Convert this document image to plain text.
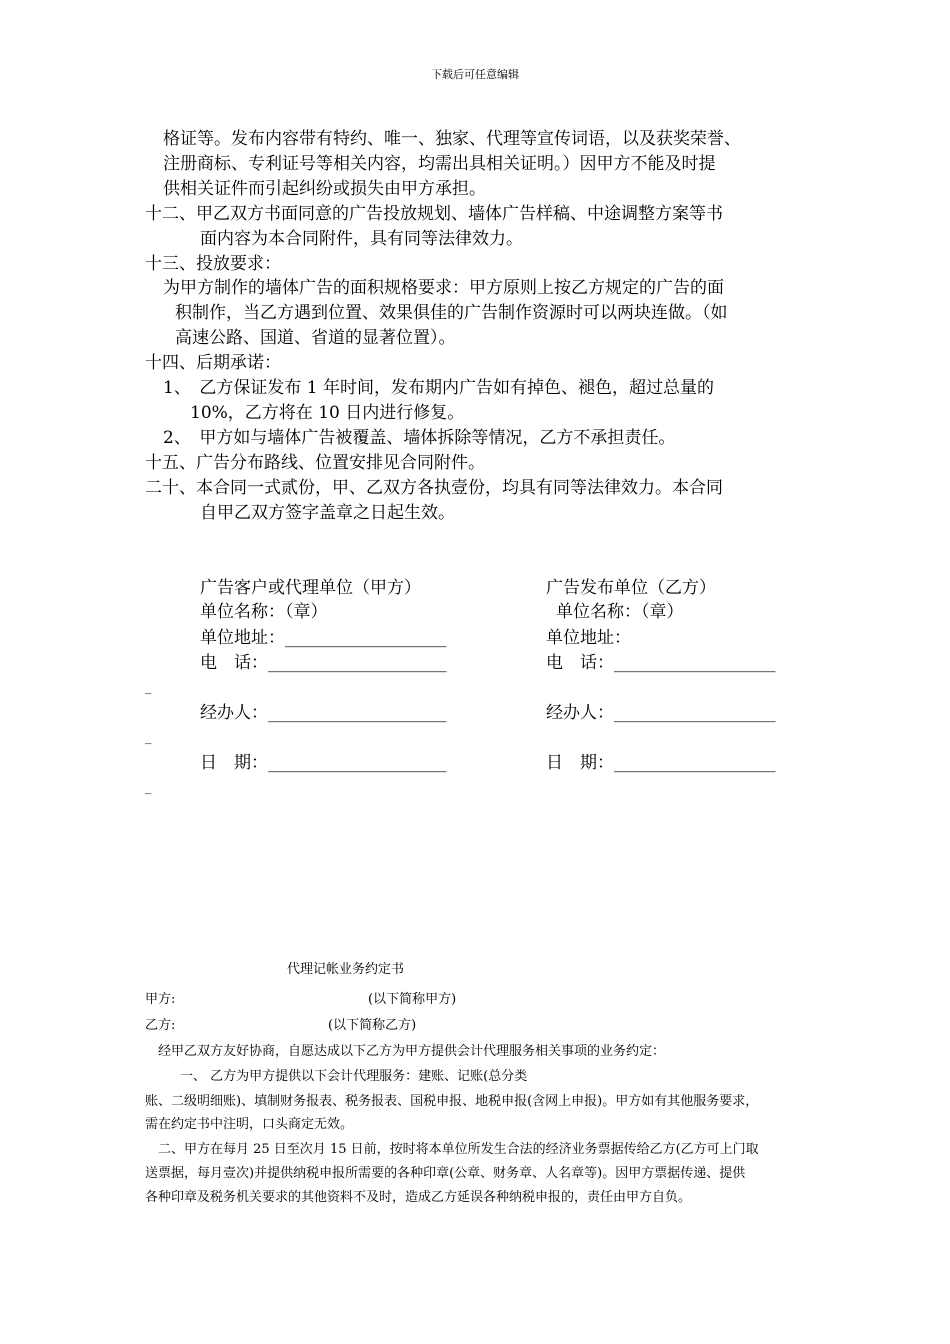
下载后可任意编辑
格证等。发布内容带有特约、唯一、独家、代理等宣传词语，以及获奖荣誉、
注册商标、专利证号等相关内容，均需出具相关证明。）因甲方不能及时提
供相关证件而引起纠纷或损失由甲方承担。
十二、甲乙双方书面同意的广告投放规划、墙体广告样稿、中途调整方案等书
面内容为本合同附件，具有同等法律效力。
十三、投放要求：
为甲方制作的墙体广告的面积规格要求：甲方原则上按乙方规定的广告的面
积制作，当乙方遇到位置、效果俱佳的广告制作资源时可以两块连做。（如
高速公路、国道、省道的显著位置）。
十四、后期承诺：
1、　乙方保证发布 1 年时间，发布期内广告如有掉色、褪色，超过总量的
10%，乙方将在 10 日内进行修复。
2、　甲方如与墙体广告被覆盖、墙体拆除等情况，乙方不承担责任。
十五、广告分布路线、位置安排见合同附件。
二十、本合同一式贰份，甲、乙双方各执壹份，均具有同等法律效力。本合同
自甲乙双方签字盖章之日起生效。
广告客户或代理单位（甲方）
单位名称：（章）
单位地址：___________________
电　话：_____________________
经办人：_____________________
日　期：_____________________
广告发布单位（乙方）
单位名称：（章）
单位地址：
电　话：___________________
经办人：___________________
日　期：___________________
_
_
_
代理记帐业务约定书
甲方:	(以下简称甲方)
乙方:	(以下简称乙方)
经甲乙双方友好协商，自愿达成以下乙方为甲方提供会计代理服务相关事项的业务约定：
一、 乙方为甲方提供以下会计代理服务：建账、记账(总分类
账、二级明细账)、填制财务报表、税务报表、国税申报、地税申报(含网上申报)。甲方如有其他服务要求，
需在约定书中注明，口头商定无效。
二、甲方在每月 25 日至次月 15 日前，按时将本单位所发生合法的经济业务票据传给乙方(乙方可上门取
送票据，每月壹次)并提供纳税申报所需要的各种印章(公章、财务章、人名章等)。因甲方票据传递、提供
各种印章及税务机关要求的其他资料不及时，造成乙方延误各种纳税申报的，责任由甲方自负。
